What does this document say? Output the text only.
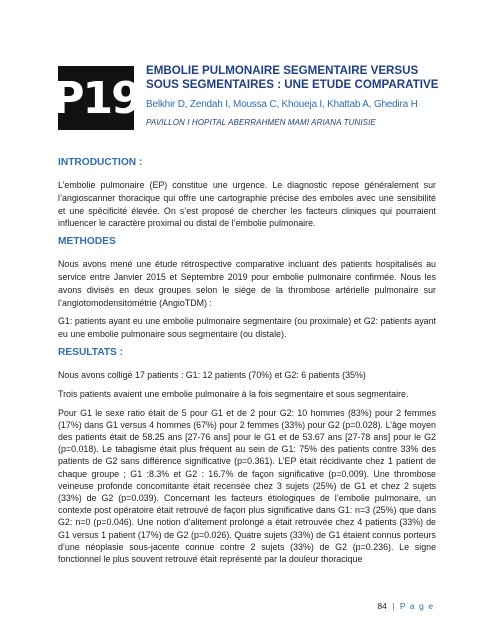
P19
EMBOLIE PULMONAIRE SEGMENTAIRE VERSUS SOUS SEGMENTAIRES : UNE ETUDE COMPARATIVE
Belkhir D, Zendah I, Moussa C, Khoueja I, Khattab A, Ghedira H
PAVILLON I HOPITAL ABERRAHMEN MAMI ARIANA TUNISIE
INTRODUCTION :

L’embolie pulmonaire (EP) constitue une urgence. Le diagnostic repose généralement sur l’angioscanner thoracique qui offre une cartographie précise des emboles avec une sensibilité et une spécificité élevée. On s’est proposé de chercher les facteurs cliniques qui pourraient influencer le caractère proximal ou distal de l’embolie pulmonaire.

METHODES

Nous avons mené une étude rétrospective comparative incluant des patients hospitalisés au service entre Janvier 2015 et Septembre 2019 pour embolie pulmonaire confirmée. Nous les avons divisés en deux groupes selon le siège de la thrombose artérielle pulmonaire sur l’angiotomodensitométrie (AngioTDM) :

G1: patients ayant eu une embolie pulmonaire segmentaire (ou proximale) et G2: patients ayant eu une embolie pulmonaire sous segmentaire (ou distale).

RESULTATS :

Nous avons colligé 17 patients : G1: 12 patients (70%) et G2: 6 patients (35%)

Trois patients avaient une embolie pulmonaire à la fois segmentaire et sous segmentaire.

Pour G1 le sexe ratio était de 5 pour G1 et de 2 pour G2: 10 hommes (83%) pour 2 femmes (17%) dans G1 versus 4 hommes (67%) pour 2 femmes (33%) pour G2 (p=0.028). L’âge moyen des patients était de 58.25 ans [27-76 ans] pour le G1 et de 53.67 ans [27-78 ans] pour le G2 (p=0.018). Le tabagisme était plus fréquent au sein de G1: 75% des patients contre 33% des patients de G2 sans différence significative (p=0.361). L’EP était récidivante chez 1 patient de chaque groupe ; G1 :8.3% et G2 : 16.7% de façon significative (p=0.009). Une thrombose veineuse profonde concomitante était recensée chez 3 sujets (25%) de G1 et chez 2 sujets (33%) de G2 (p=0.039). Concernant les facteurs étiologiques de l’embolie pulmonaire, un contexte post opératoire était retrouvé de façon plus significative dans G1: n=3 (25%) que dans G2: n=0 (p=0.046). Une notion d’alitement prolongé a était retrouvée chez 4 patients (33%) de G1 versus 1 patient (17%) de G2 (p=0.026). Quatre sujets (33%) de G1 étaient connus porteurs d’une néoplasie sous-jacente connue contre 2 sujets (33%) de G2 (p=0.236). Le signe fonctionnel le plus souvent retrouvé était représenté par la douleur thoracique

84 | P a g e
